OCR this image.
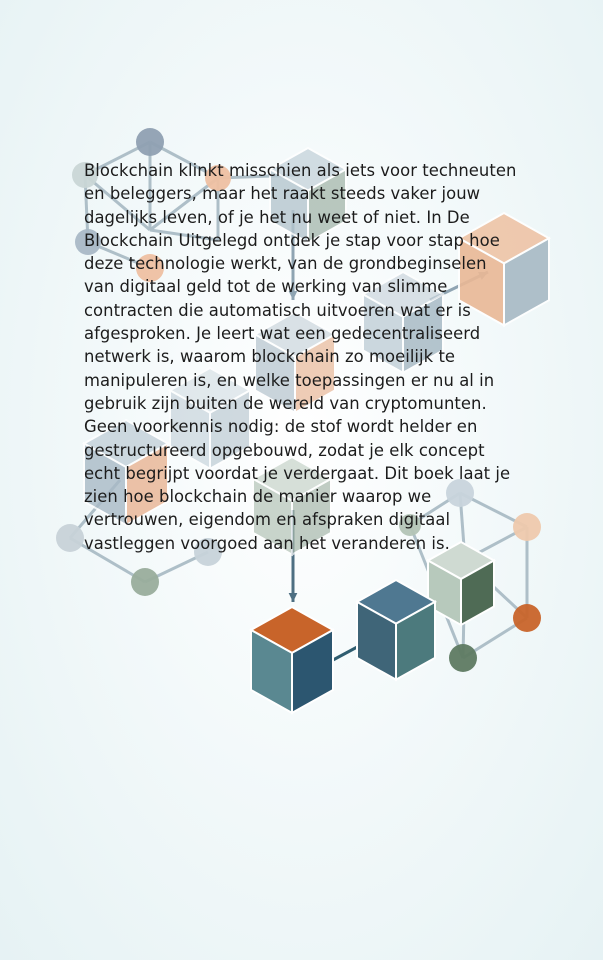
Blockchain klinkt misschien als iets voor techneuten
en beleggers, maar het raakt steeds vaker jouw
dagelijks leven, of je het nu weet of niet. In De
Blockchain Uitgelegd ontdek je stap voor stap hoe
deze technologie werkt, van de grondbeginselen
van digitaal geld tot de werking van slimme
contracten die automatisch uitvoeren wat er is
afgesproken. Je leert wat een gedecentraliseerd
netwerk is, waarom blockchain zo moeilijk te
manipuleren is, en welke toepassingen er nu al in
gebruik zijn buiten de wereld van cryptomunten.
Geen voorkennis nodig: de stof wordt helder en
gestructureerd opgebouwd, zodat je elk concept
echt begrijpt voordat je verdergaat. Dit boek laat je
zien hoe blockchain de manier waarop we
vertrouwen, eigendom en afspraken digitaal
vastleggen voorgoed aan het veranderen is.
